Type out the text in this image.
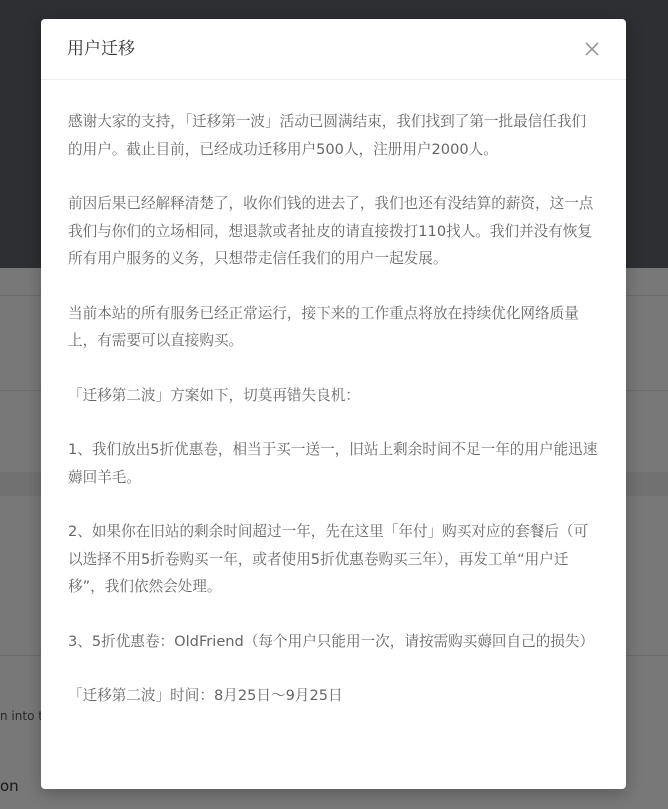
用户迁移

感谢大家的支持，「迁移第一波」活动已圆满结束，我们找到了第一批最信任我们的用户。截止目前，已经成功迁移用户500人，注册用户2000人。

前因后果已经解释清楚了，收你们钱的进去了，我们也还有没结算的薪资，这一点我们与你们的立场相同，想退款或者扯皮的请直接拨打110找人。我们并没有恢复所有用户服务的义务，只想带走信任我们的用户一起发展。

当前本站的所有服务已经正常运行，接下来的工作重点将放在持续优化网络质量上，有需要可以直接购买。

「迁移第二波」方案如下，切莫再错失良机：

1、我们放出5折优惠卷，相当于买一送一，旧站上剩余时间不足一年的用户能迅速薅回羊毛。

2、如果你在旧站的剩余时间超过一年，先在这里「年付」购买对应的套餐后（可以选择不用5折卷购买一年，或者使用5折优惠卷购买三年），再发工单“用户迁移”，我们依然会处理。

3、5折优惠卷：OldFriend（每个用户只能用一次，请按需购买薅回自己的损失）

「迁移第二波」时间：8月25日～9月25日
